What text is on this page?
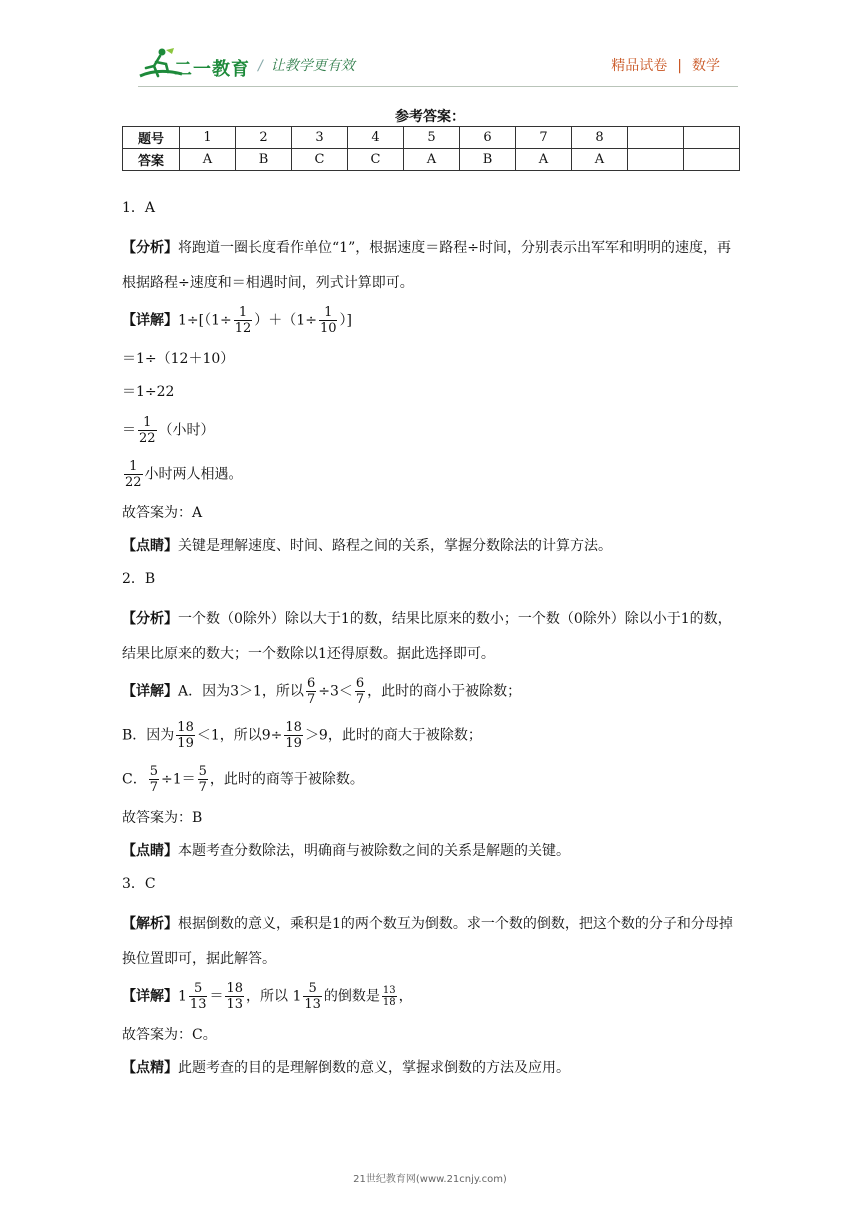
二一教育 / 让教学更有效	精品试卷 | 数学
参考答案：
题号	1	2	3	4	5	6	7	8		
答案	A	B	C	C	A	B	A	A		
1．A
【分析】将跑道一圈长度看作单位“1”，根据速度＝路程÷时间，分别表示出军军和明明的速度，再根据路程÷速度和＝相遇时间，列式计算即可。
【详解】$1\div[(1\div \frac{1}{12} )+(1\div \frac{1}{10}$ ）]
＝1÷（12＋10）
＝1÷22
＝ $\frac{1}{22}$ （小时）
$\frac{1}{22}$ 小时两人相遇。
故答案为：A
【点睛】关键是理解速度、时间、路程之间的关系，掌握分数除法的计算方法。
2．B
【分析】一个数（0除外）除以大于1的数，结果比原来的数小；一个数（0除外）除以小于1的数，结果比原来的数大；一个数除以1还得原数。据此选择即可。
【详解】A．因为3＞1，所以 $\frac{6}{7} \div 3< \frac{6}{7}$ ，此时的商小于被除数；
B．因为 $\frac{18}{19} <1$，所以$9\div \frac{18}{19} >9$，此时的商大于被除数；
C． $\frac{5}{7} \div 1= \frac{5}{7}$ ，此时的商等于被除数。
故答案为：B
【点睛】本题考查分数除法，明确商与被除数之间的关系是解题的关键。
3．C
【解析】根据倒数的意义，乘积是1的两个数互为倒数。求一个数的倒数，把这个数的分子和分母掉换位置即可，据此解答。
【详解】$1 \frac{5}{13} = \frac{18}{13}$ ，所以 $1 \frac{5}{13}$ 的倒数是 $\frac{13}{18}$ ，
故答案为：C。
【点精】此题考查的目的是理解倒数的意义，掌握求倒数的方法及应用。
21世纪教育网(www.21cnjy.com)
